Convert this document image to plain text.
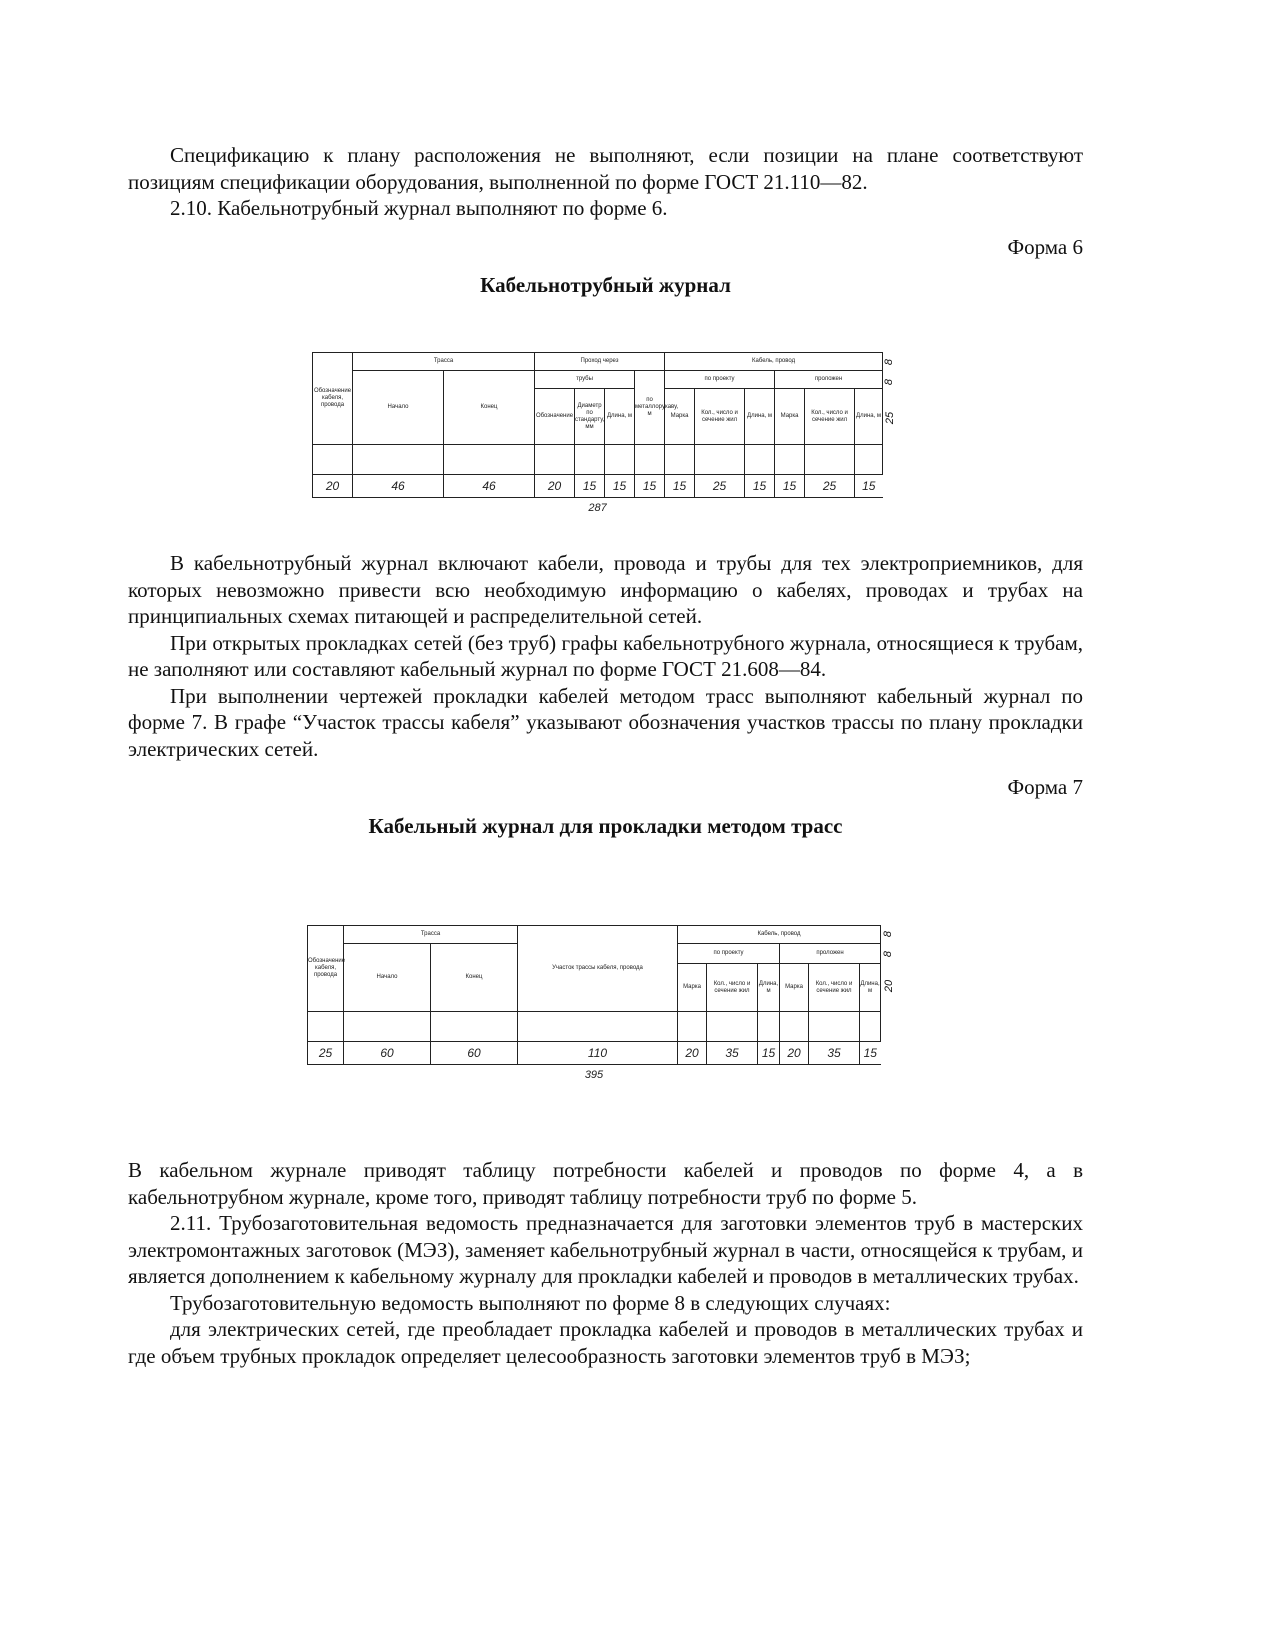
Спецификацию к плану расположения не выполняют, если позиции на плане соответствуют позициям спецификации оборудования, выполненной по форме ГОСТ 21.110—82.

2.10. Кабельнотрубный журнал выполняют по форме 6.

Форма 6

Кабельнотрубный журнал

Обозначение кабеля, провода	Трасса		Проход через				Кабель, провод					
	Начало	Конец	трубы			по металлорукаву, м	по проекту			проложен		
			Обозначение	Диаметр по стандарту, мм	Длина, м		Марка	Кол., число и сечение жил	Длина, м	Марка	Кол., число и сечение жил	Длина, м

20	46	46	20	15	15	15	15	25	15	15	25	15
287												
8
8
25

В кабельнотрубный журнал включают кабели, провода и трубы для тех электроприемников, для которых невозможно привести всю необходимую информацию о кабелях, проводах и трубах на принципиальных схемах питающей и распределительной сетей.

При открытых прокладках сетей (без труб) графы кабельнотрубного журнала, относящиеся к трубам, не заполняют или составляют кабельный журнал по форме ГОСТ 21.608—84.

При выполнении чертежей прокладки кабелей методом трасс выполняют кабельный журнал по форме 7. В графе “Участок трассы кабеля” указывают обозначения участков трассы по плану прокладки электрических сетей.

Форма 7

Кабельный журнал для прокладки методом трасс

Обозначение кабеля, провода	Трасса		Участок трассы кабеля, провода	Кабель, провод					
	Начало	Конец		по проекту			проложен		
				Марка	Кол., число и сечение жил	Длина, м	Марка	Кол., число и сечение жил	Длина, м

25	60	60	110	20	35	15	20	35	15
395									
8
8
20

В кабельном журнале приводят таблицу потребности кабелей и проводов по форме 4, а в кабельнотрубном журнале, кроме того, приводят таблицу потребности труб по форме 5.

2.11. Трубозаготовительная ведомость предназначается для заготовки элементов труб в мастерских электромонтажных заготовок (МЭЗ), заменяет кабельнотрубный журнал в части, относящейся к трубам, и является дополнением к кабельному журналу для прокладки кабелей и проводов в металлических трубах.

Трубозаготовительную ведомость выполняют по форме 8 в следующих случаях:

для электрических сетей, где преобладает прокладка кабелей и проводов в металлических трубах и где объем трубных прокладок определяет целесообразность заготовки элементов труб в МЭЗ;
